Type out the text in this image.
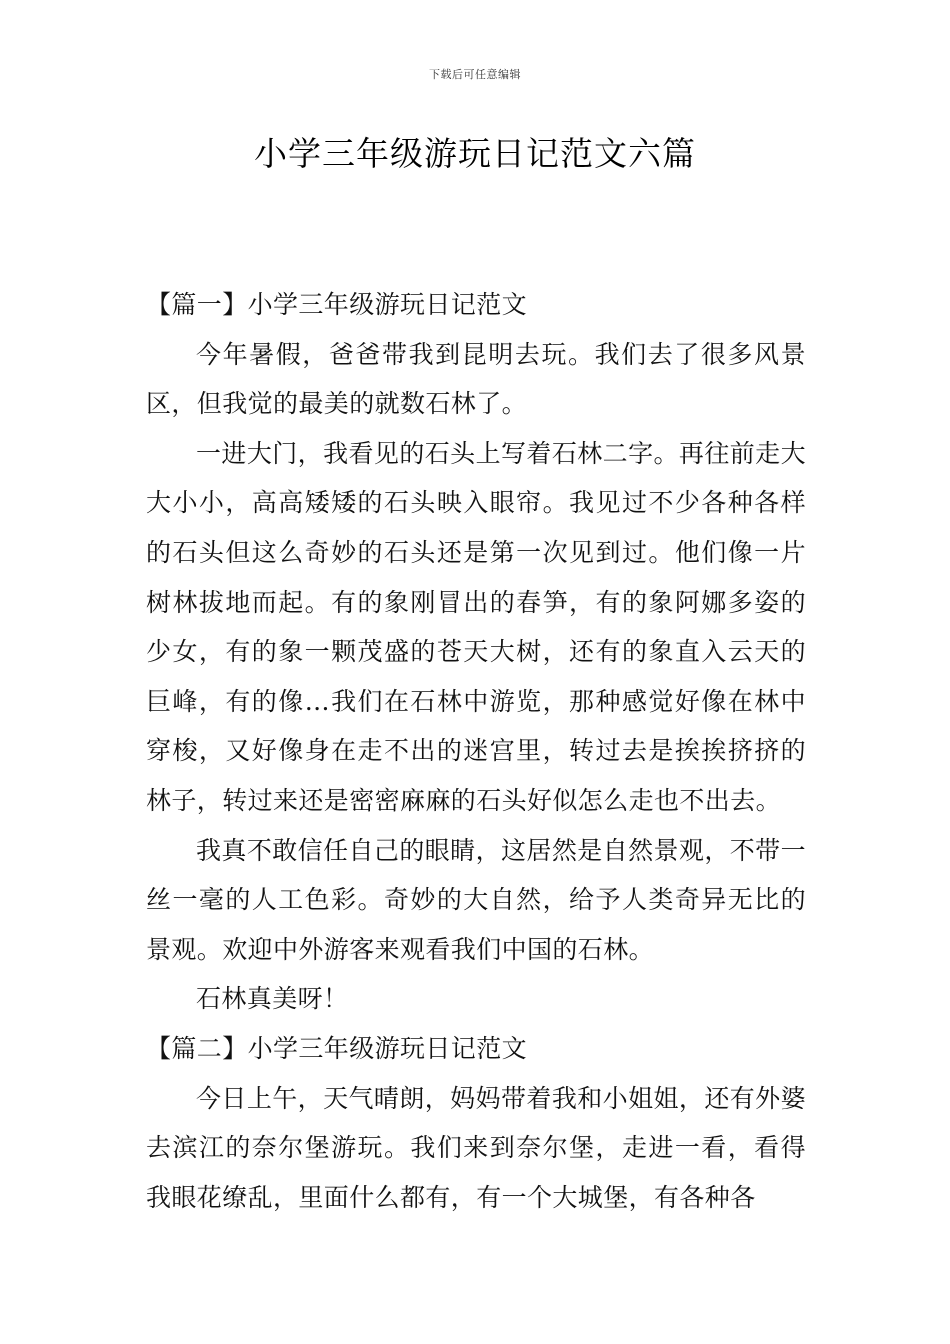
下载后可任意编辑
小学三年级游玩日记范文六篇
【篇一】小学三年级游玩日记范文

今年暑假，爸爸带我到昆明去玩。我们去了很多风景区，但我觉的最美的就数石林了。

一进大门，我看见的石头上写着石林二字。再往前走大大小小，高高矮矮的石头映入眼帘。我见过不少各种各样的石头但这么奇妙的石头还是第一次见到过。他们像一片树林拔地而起。有的象刚冒出的春笋，有的象阿娜多姿的少女，有的象一颗茂盛的苍天大树，还有的象直入云天的巨峰，有的像…我们在石林中游览，那种感觉好像在林中穿梭，又好像身在走不出的迷宫里，转过去是挨挨挤挤的林子，转过来还是密密麻麻的石头好似怎么走也不出去。

我真不敢信任自己的眼睛，这居然是自然景观，不带一丝一毫的人工色彩。奇妙的大自然，给予人类奇异无比的景观。欢迎中外游客来观看我们中国的石林。

石林真美呀！

【篇二】小学三年级游玩日记范文

今日上午，天气晴朗，妈妈带着我和小姐姐，还有外婆去滨江的奈尔堡游玩。我们来到奈尔堡，走进一看，看得我眼花缭乱，里面什么都有，有一个大城堡，有各种各
